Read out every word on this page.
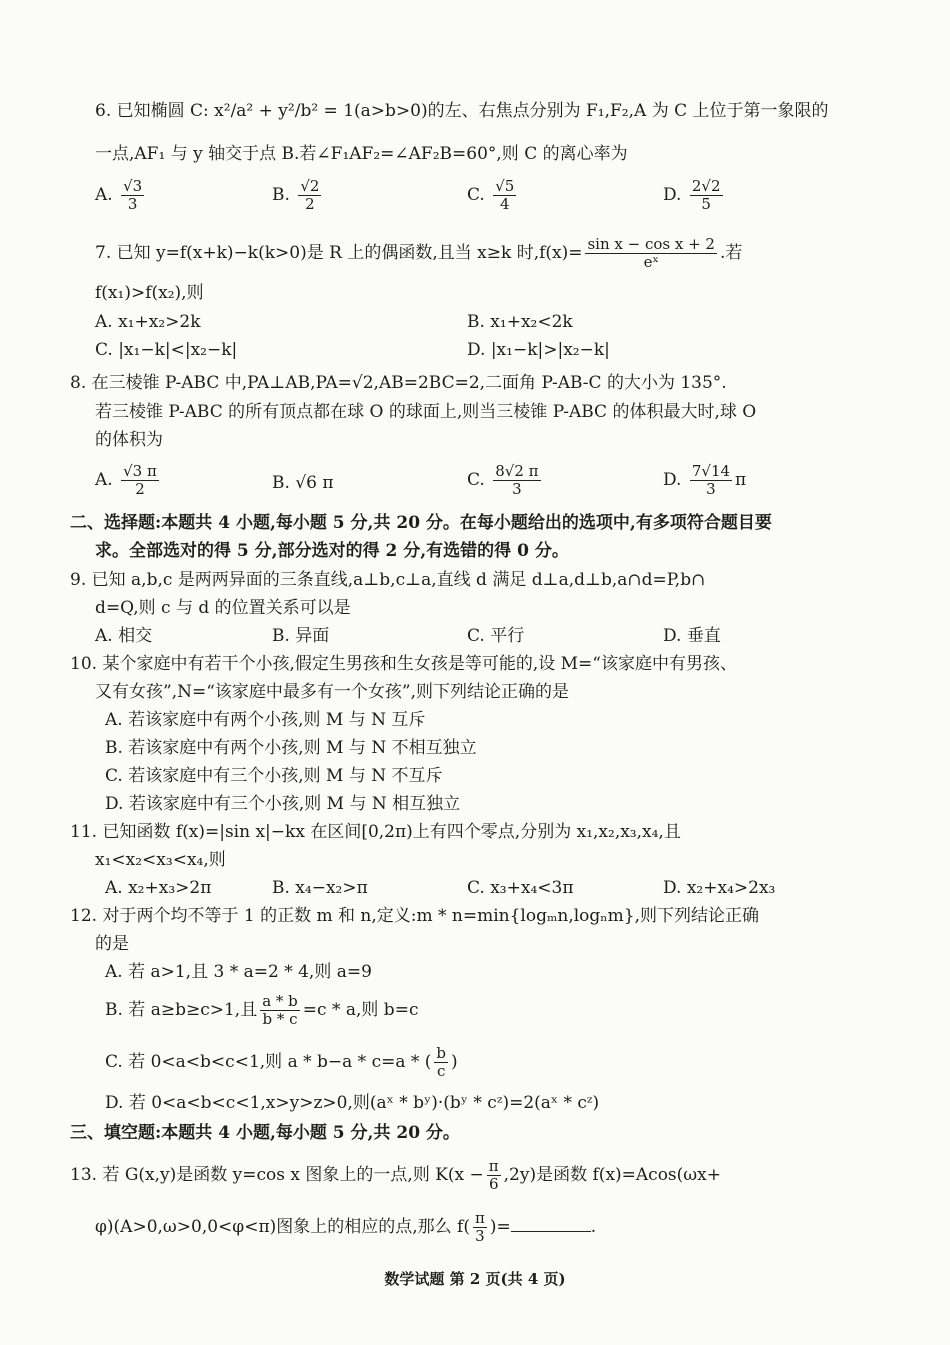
6. 已知椭圆 C: x²/a² + y²/b² = 1(a>b>0)的左、右焦点分别为 F₁,F₂,A 为 C 上位于第一象限的
一点,AF₁ 与 y 轴交于点 B.若∠F₁AF₂=∠AF₂B=60°,则 C 的离心率为
A. $\frac{√3}{3}$	B. $\frac{√2}{2}$	C. $\frac{√5}{4}$	D. $\frac{2√2}{5}$
7. 已知 y=f(x+k)−k(k>0)是 R 上的偶函数,且当 x≥k 时$,f(x)= \frac{\text{sin x − cos x + 2}}{\text{eˣ}}$ .若
f(x₁)>f(x₂),则
A. x₁+x₂>2k	B. x₁+x₂<2k
C. |x₁−k|<|x₂−k|	D. |x₁−k|>|x₂−k|
8. 在三棱锥 P-ABC 中,PA⊥AB,PA=√2,AB=2BC=2,二面角 P-AB-C 的大小为 135°.
若三棱锥 P-ABC 的所有顶点都在球 O 的球面上,则当三棱锥 P-ABC 的体积最大时,球 O
的体积为
A. $\frac{√3 \pi}{2}$	B. √6 π	C. $\frac{8√2 \pi}{3}$	D. $\frac{7√14}{3}$ π
二、选择题:本题共 4 小题,每小题 5 分,共 20 分。在每小题给出的选项中,有多项符合题目要
求。全部选对的得 5 分,部分选对的得 2 分,有选错的得 0 分。
9. 已知 a,b,c 是两两异面的三条直线,a⊥b,c⊥a,直线 d 满足 d⊥a,d⊥b,a∩d=P,b∩
d=Q,则 c 与 d 的位置关系可以是
A. 相交	B. 异面	C. 平行	D. 垂直
10. 某个家庭中有若干个小孩,假定生男孩和生女孩是等可能的,设 M=“该家庭中有男孩、
又有女孩”,N=“该家庭中最多有一个女孩”,则下列结论正确的是
A. 若该家庭中有两个小孩,则 M 与 N 互斥
B. 若该家庭中有两个小孩,则 M 与 N 不相互独立
C. 若该家庭中有三个小孩,则 M 与 N 不互斥
D. 若该家庭中有三个小孩,则 M 与 N 相互独立
11. 已知函数 f(x)=|sin x|−kx 在区间[0,2π)上有四个零点,分别为 x₁,x₂,x₃,x₄,且
x₁<x₂<x₃<x₄,则
A. x₂+x₃>2π	B. x₄−x₂>π	C. x₃+x₄<3π	D. x₂+x₄>2x₃
12. 对于两个均不等于 1 的正数 m 和 n,定义:m * n=min{logₘn,logₙm},则下列结论正确
的是
A. 若 a>1,且 3 * a=2 * 4,则 a=9
B. 若 a≥b≥c>1,且 $\frac{a * b}{b * c} =c * a$,则 b=c
C. 若 0<a<b<c<1,则 a * b−a * c=a * ( $\frac{b}{c}$ )
D. 若 0<a<b<c<1,x>y>z>0,则(aˣ * bʸ)·(bʸ * cᶻ)=2(aˣ * cᶻ)
三、填空题:本题共 4 小题,每小题 5 分,共 20 分。
13. 若 G(x,y)是函数 y=cos x 图象上的一点,则 $K(x - \frac{\pi}{6} ,2y)$是函数 f(x)=Acos(ωx+
φ)(A>0,ω>0,0<φ<π)图象上的相应的点,那么 $f( \frac{\pi}{3}$ )=	.
数学试题 第 2 页(共 4 页)
